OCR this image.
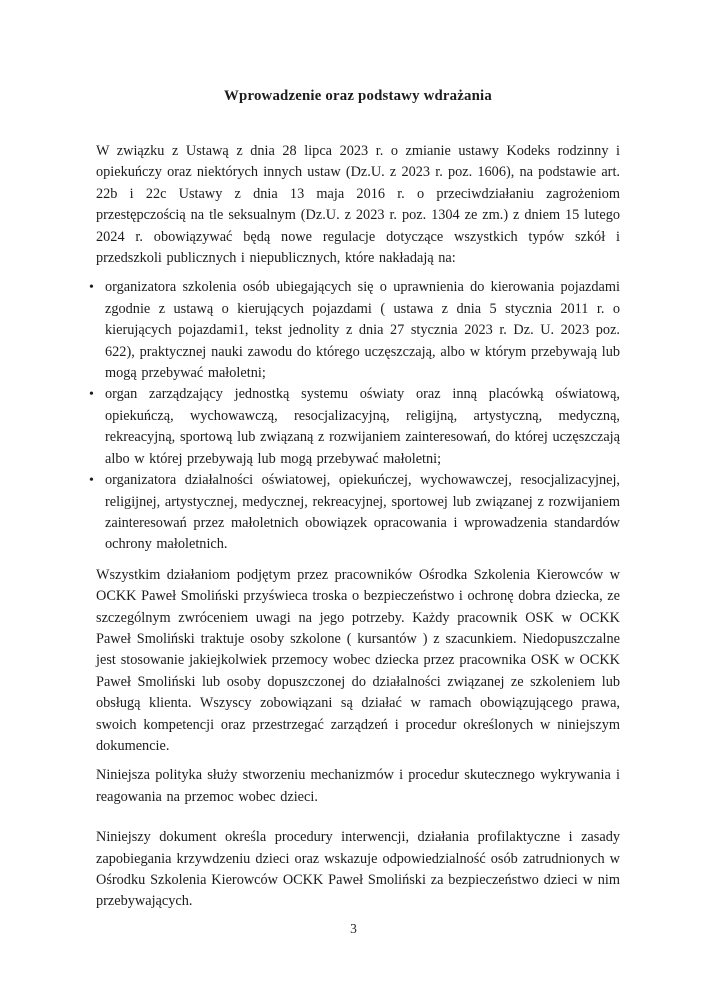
Wprowadzenie oraz podstawy wdrażania

W związku z Ustawą z dnia 28 lipca 2023 r. o zmianie ustawy Kodeks rodzinny i opiekuńczy oraz niektórych innych ustaw (Dz.U. z 2023 r. poz. 1606), na podstawie art. 22b i 22c Ustawy z dnia 13 maja 2016 r. o przeciwdziałaniu zagrożeniom przestępczością na tle seksualnym (Dz.U. z 2023 r. poz. 1304 ze zm.) z dniem 15 lutego 2024 r. obowiązywać będą nowe regulacje dotyczące wszystkich typów szkół i przedszkoli publicznych i niepublicznych, które nakładają na:

• organizatora szkolenia osób ubiegających się o uprawnienia do kierowania pojazdami zgodnie z ustawą o kierujących pojazdami ( ustawa z dnia 5 stycznia 2011 r. o kierujących pojazdami1, tekst jednolity z dnia 27 stycznia 2023 r. Dz. U. 2023 poz. 622), praktycznej nauki zawodu do którego uczęszczają, albo w którym przebywają lub mogą przebywać małoletni;
• organ zarządzający jednostką systemu oświaty oraz inną placówką oświatową, opiekuńczą, wychowawczą, resocjalizacyjną, religijną, artystyczną, medyczną, rekreacyjną, sportową lub związaną z rozwijaniem zainteresowań, do której uczęszczają albo w której przebywają lub mogą przebywać małoletni;
• organizatora działalności oświatowej, opiekuńczej, wychowawczej, resocjalizacyjnej, religijnej, artystycznej, medycznej, rekreacyjnej, sportowej lub związanej z rozwijaniem zainteresowań przez małoletnich obowiązek opracowania i wprowadzenia standardów ochrony małoletnich.

Wszystkim działaniom podjętym przez pracowników Ośrodka Szkolenia Kierowców w OCKK Paweł Smoliński przyświeca troska o bezpieczeństwo i ochronę dobra dziecka, ze szczególnym zwróceniem uwagi na jego potrzeby. Każdy pracownik OSK w OCKK Paweł Smoliński traktuje osoby szkolone ( kursantów ) z szacunkiem. Niedopuszczalne jest stosowanie jakiejkolwiek przemocy wobec dziecka przez pracownika OSK w OCKK Paweł Smoliński lub osoby dopuszczonej do działalności związanej ze szkoleniem lub obsługą klienta. Wszyscy zobowiązani są działać w ramach obowiązującego prawa, swoich kompetencji oraz przestrzegać zarządzeń i procedur określonych w niniejszym dokumencie.

Niniejsza polityka służy stworzeniu mechanizmów i procedur skutecznego wykrywania i reagowania na przemoc wobec dzieci.

Niniejszy dokument określa procedury interwencji, działania profilaktyczne i zasady zapobiegania krzywdzeniu dzieci oraz wskazuje odpowiedzialność osób zatrudnionych w Ośrodku Szkolenia Kierowców OCKK Paweł Smoliński za bezpieczeństwo dzieci w nim przebywających.

3
